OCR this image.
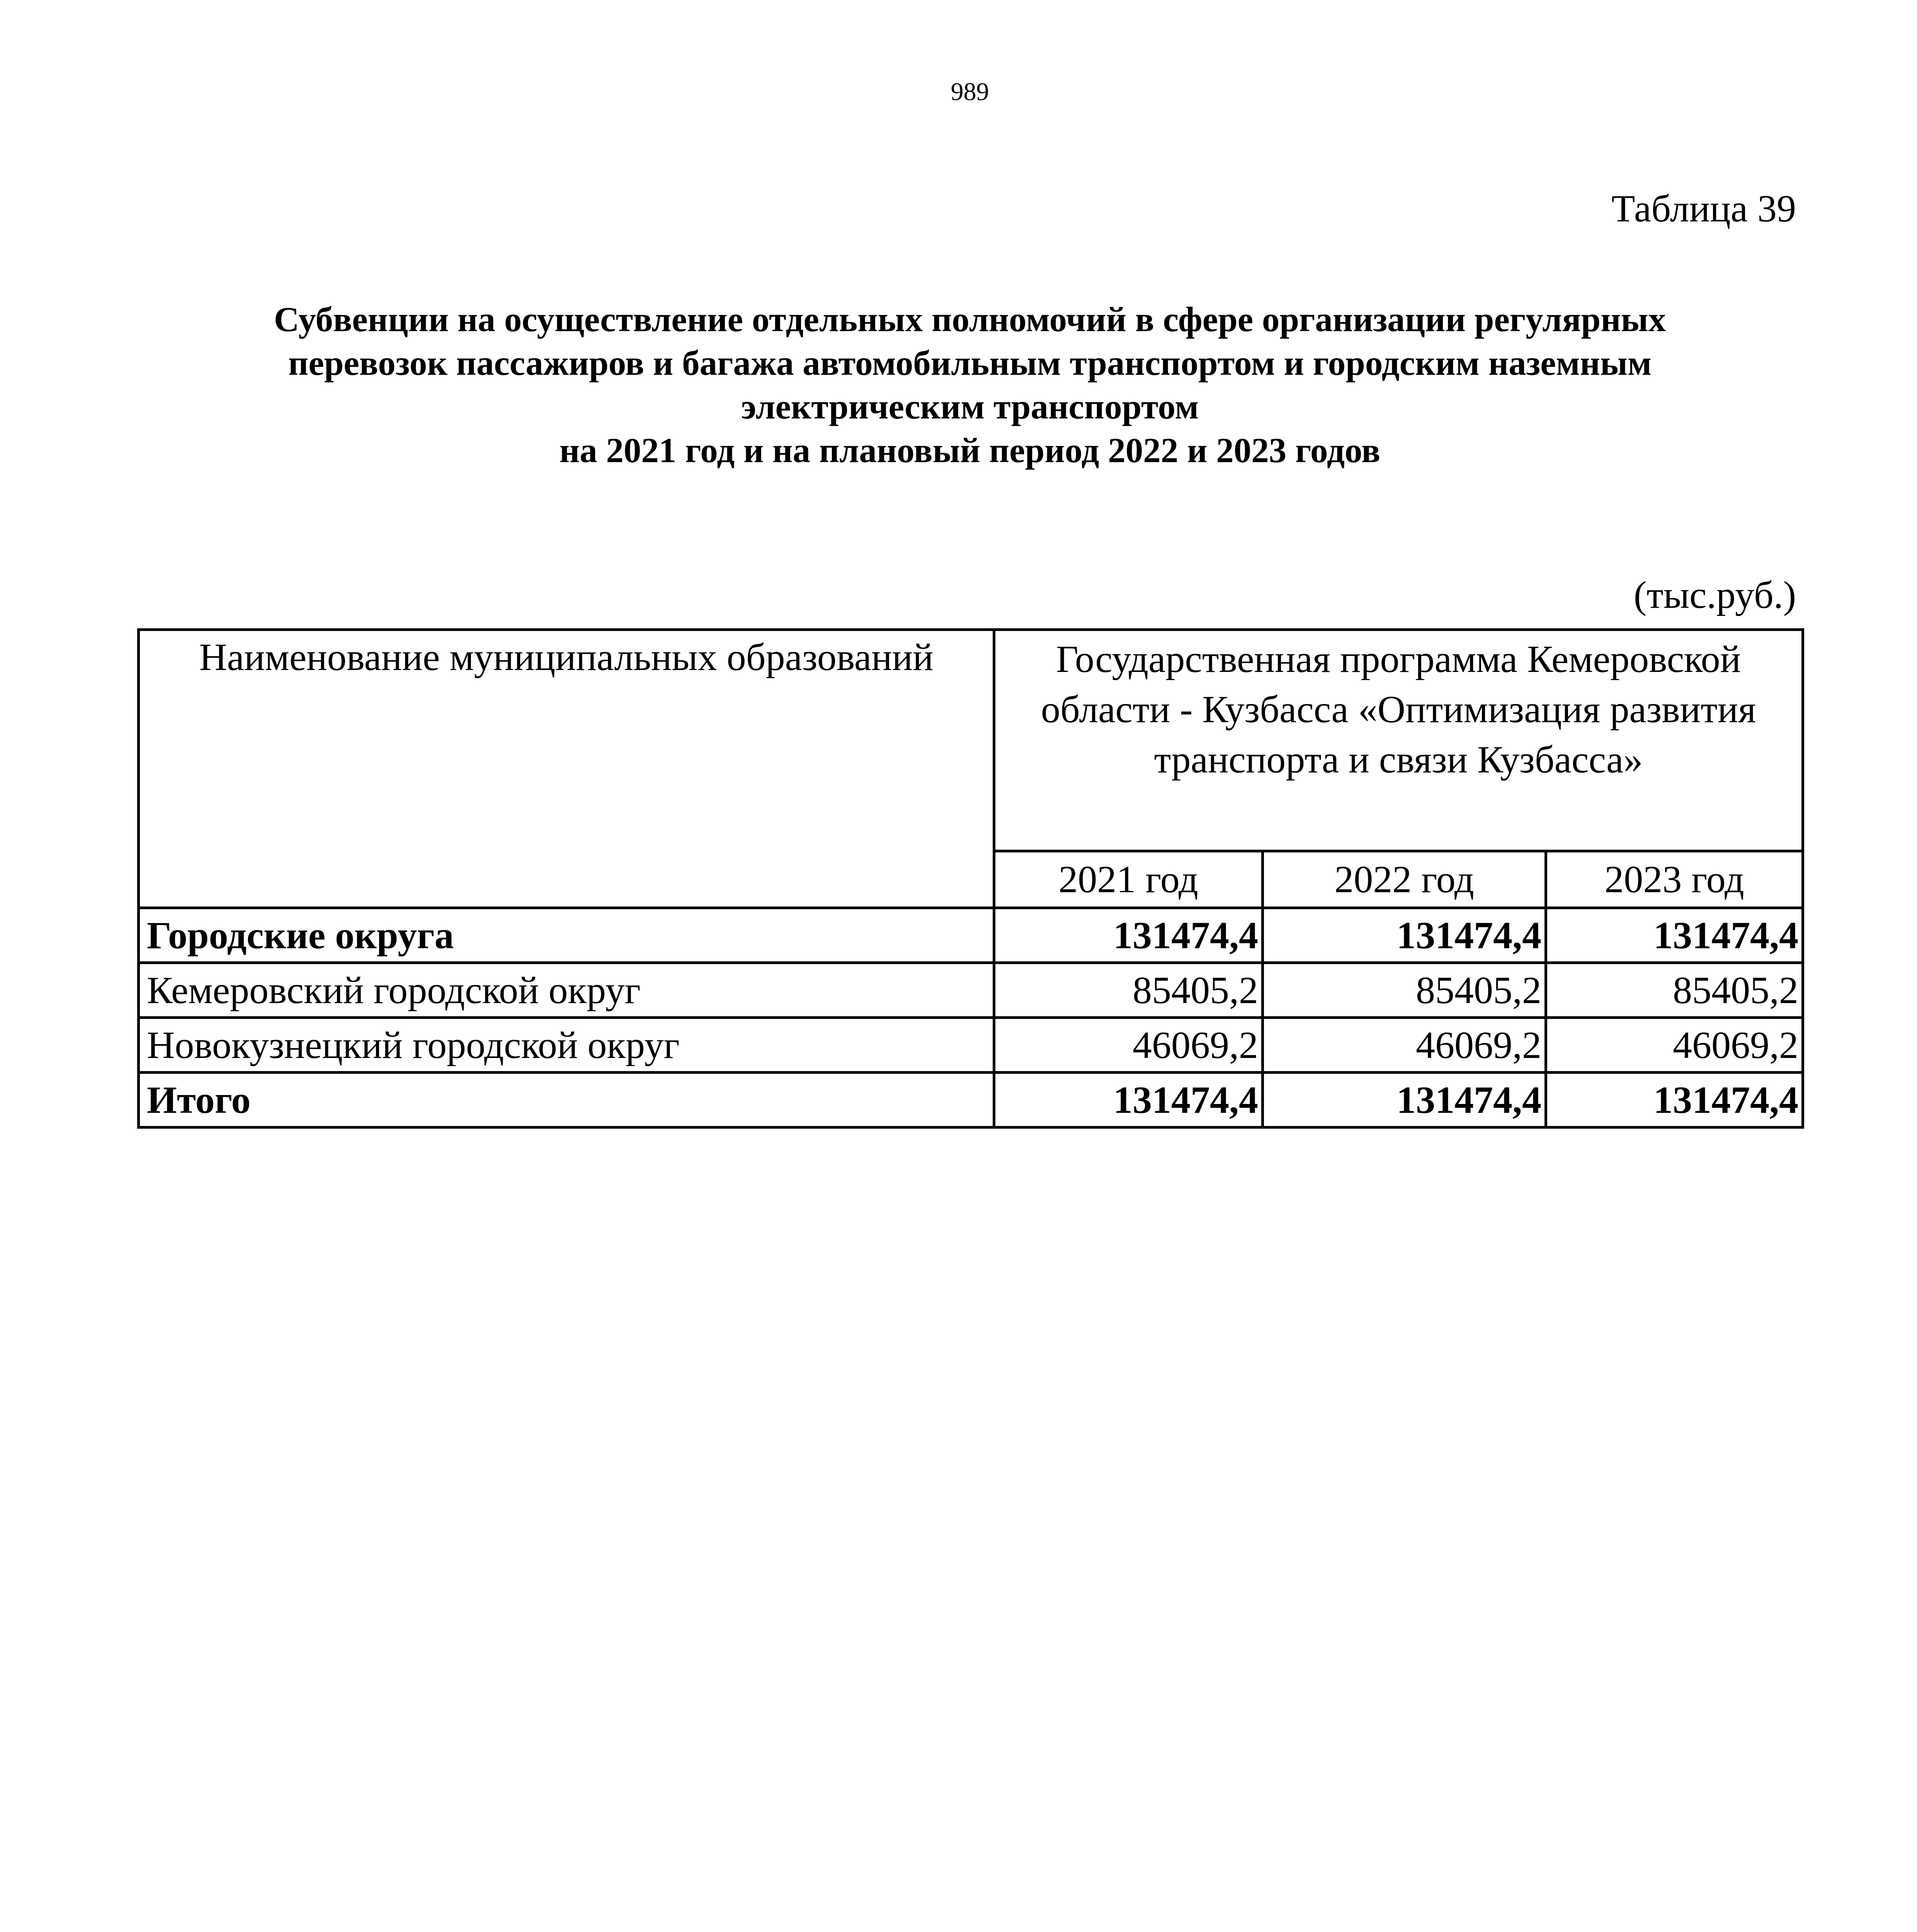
989
Таблица 39
Субвенции на осуществление отдельных полномочий в сфере организации регулярных
перевозок пассажиров и багажа автомобильным транспортом и городским наземным
электрическим транспортом
на 2021 год и на плановый период 2022 и 2023 годов
(тыс.руб.)
Наименование муниципальных образований	Государственная программа Кемеровской области - Кузбасса «Оптимизация развития транспорта и связи Кузбасса»		
	2021 год	2022 год	2023 год
Городские округа	131474,4	131474,4	131474,4
Кемеровский городской округ	85405,2	85405,2	85405,2
Новокузнецкий городской округ	46069,2	46069,2	46069,2
Итого	131474,4	131474,4	131474,4
